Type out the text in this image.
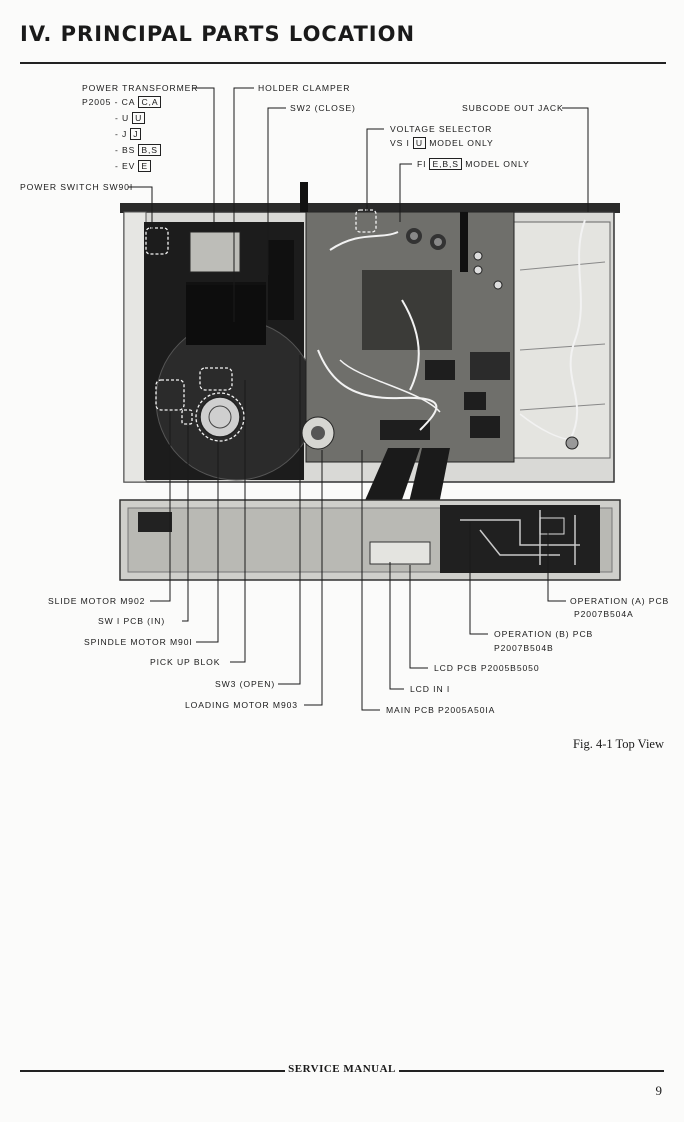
IV. PRINCIPAL PARTS LOCATION
POWER TRANSFORMER
P2005 - CA C,A
- U U
- J J
- BS B,S
- EV E
POWER SWITCH SW90I
HOLDER CLAMPER
SW2 (CLOSE)	SUBCODE OUT JACK
VOLTAGE SELECTOR
VS I U MODEL ONLY
FI E,B,S MODEL ONLY
SLIDE MOTOR M902
SW I PCB (IN)
SPINDLE MOTOR M90I
PICK UP BLOK
SW3 (OPEN)
LOADING MOTOR M903
OPERATION (A) PCB
P2007B504A
OPERATION (B) PCB
P2007B504B
LCD PCB P2005B5050
LCD IN I
MAIN PCB P2005A50IA
Fig. 4-1 Top View
SERVICE MANUAL
9
